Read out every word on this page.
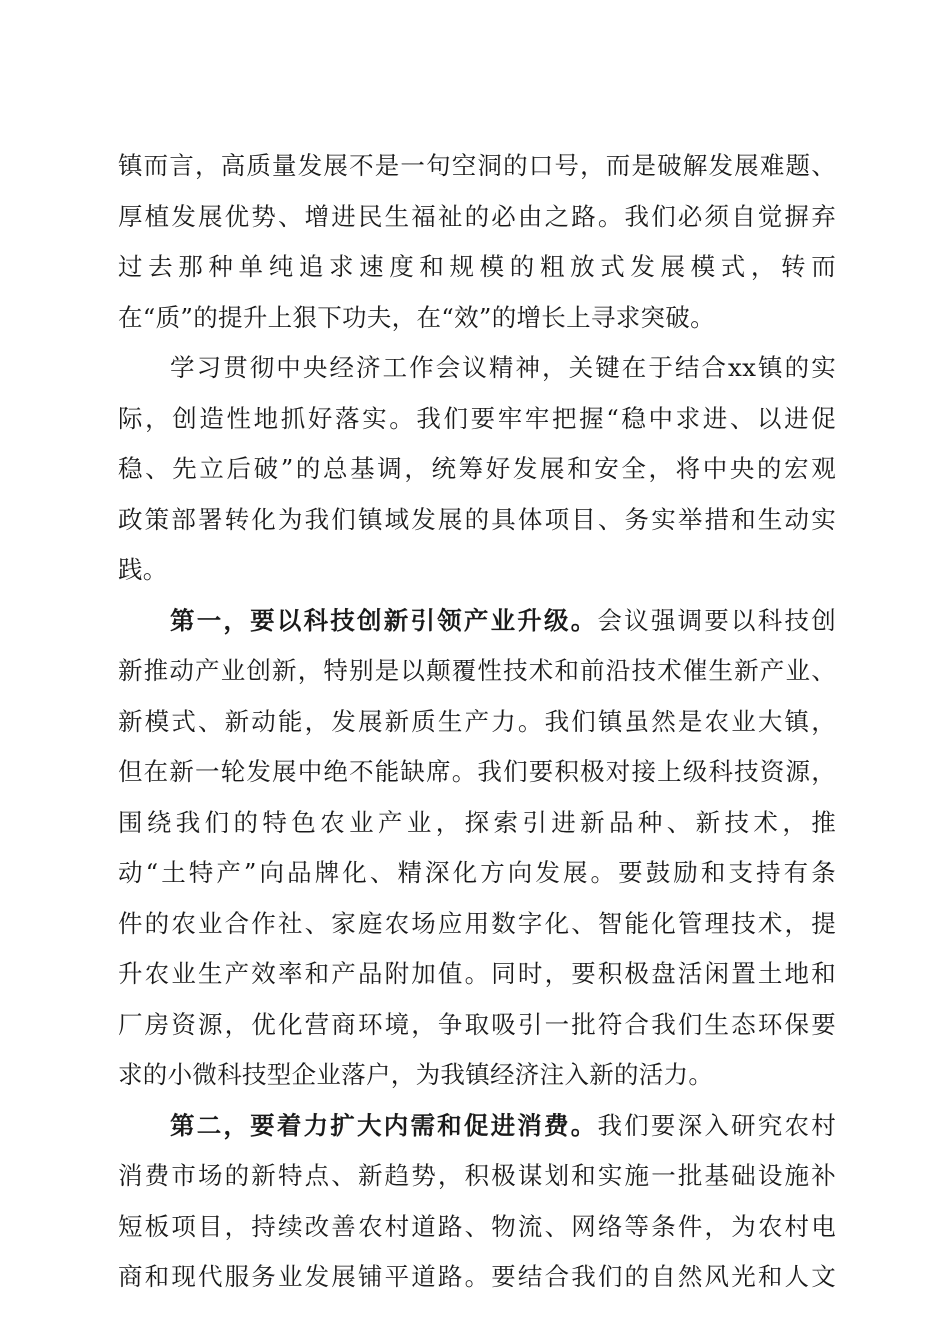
镇而言，高质量发展不是一句空洞的口号，而是破解发展难题、
厚植发展优势、增进民生福祉的必由之路。我们必须自觉摒弃
过去那种单纯追求速度和规模的粗放式发展模式，转而
在“质”的提升上狠下功夫，在“效”的增长上寻求突破。
学习贯彻中央经济工作会议精神，关键在于结合xx镇的实
际，创造性地抓好落实。我们要牢牢把握“稳中求进、以进促
稳、先立后破”的总基调，统筹好发展和安全，将中央的宏观
政策部署转化为我们镇域发展的具体项目、务实举措和生动实
践。
第一，要以科技创新引领产业升级。会议强调要以科技创
新推动产业创新，特别是以颠覆性技术和前沿技术催生新产业、
新模式、新动能，发展新质生产力。我们镇虽然是农业大镇，
但在新一轮发展中绝不能缺席。我们要积极对接上级科技资源，
围绕我们的特色农业产业，探索引进新品种、新技术，推
动“土特产”向品牌化、精深化方向发展。要鼓励和支持有条
件的农业合作社、家庭农场应用数字化、智能化管理技术，提
升农业生产效率和产品附加值。同时，要积极盘活闲置土地和
厂房资源，优化营商环境，争取吸引一批符合我们生态环保要
求的小微科技型企业落户，为我镇经济注入新的活力。
第二，要着力扩大内需和促进消费。我们要深入研究农村
消费市场的新特点、新趋势，积极谋划和实施一批基础设施补
短板项目，持续改善农村道路、物流、网络等条件，为农村电
商和现代服务业发展铺平道路。要结合我们的自然风光和人文
